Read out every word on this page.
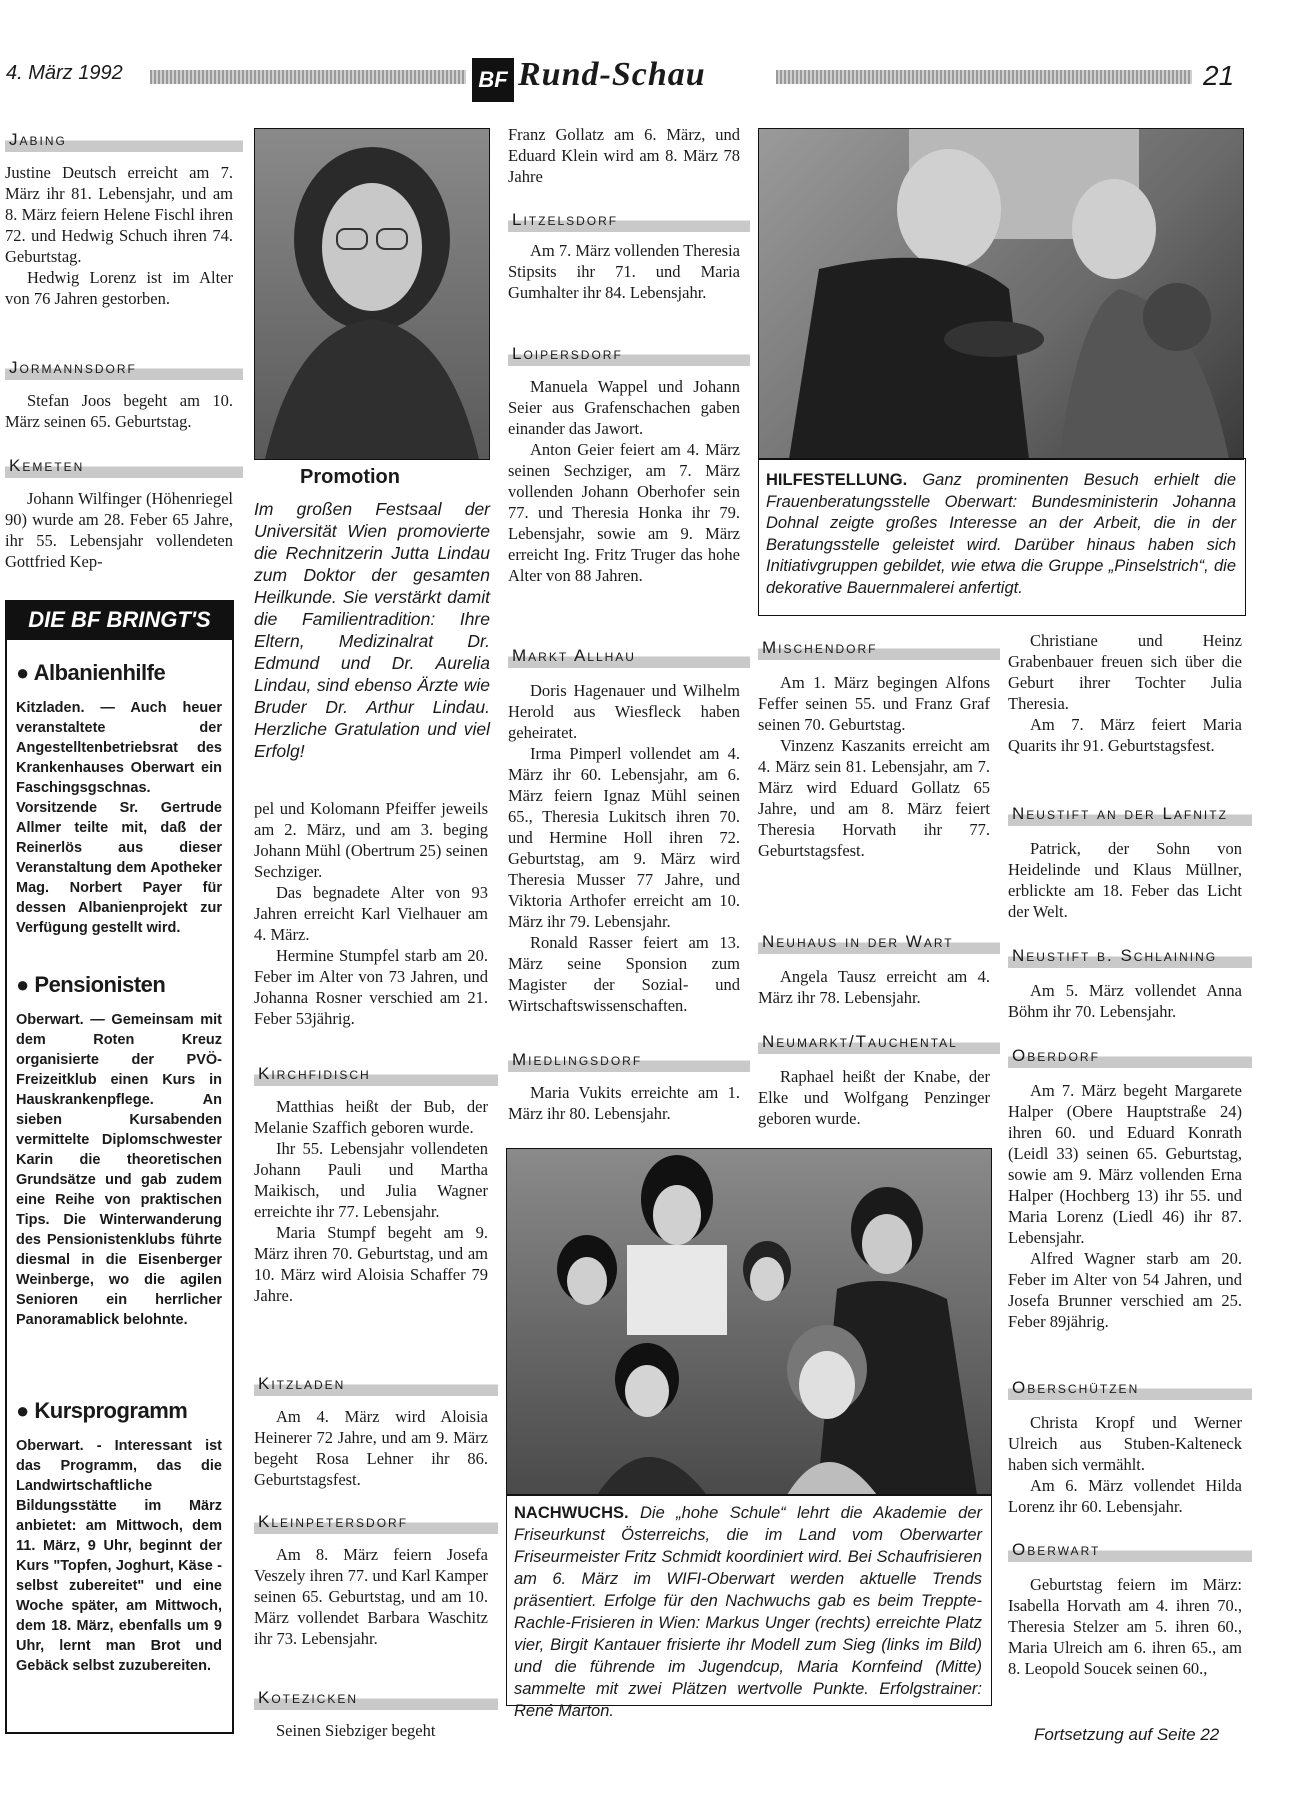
4. März 1992	BF Rund-Schau	21
Jabing

Justine Deutsch erreicht am 7. März ihr 81. Lebensjahr, und am 8. März feiern Helene Fischl ihren 72. und Hedwig Schuch ihren 74. Geburtstag.

Hedwig Lorenz ist im Alter von 76 Jahren gestorben.

Jormannsdorf
Stefan Joos begeht am 10. März seinen 65. Geburtstag.
Kemeten
Johann Wilfinger (Höhenriegel 90) wurde am 28. Feber 65 Jahre, ihr 55. Lebensjahr vollendeten Gottfried Kep-
DIE BF BRINGT'S
● Albanienhilfe
Kitzladen. — Auch heuer veranstaltete der Angestelltenbetriebsrat des Krankenhauses Oberwart ein Faschingsgschnas. Vorsitzende Sr. Gertrude Allmer teilte mit, daß der Reinerlös aus dieser Veranstaltung dem Apotheker Mag. Norbert Payer für dessen Albanienprojekt zur Verfügung gestellt wird.
● Pensionisten
Oberwart. — Gemeinsam mit dem Roten Kreuz organisierte der PVÖ-Freizeitklub einen Kurs in Hauskrankenpflege. An sieben Kursabenden vermittelte Diplomschwester Karin die theoretischen Grundsätze und gab zudem eine Reihe von praktischen Tips. Die Winterwanderung des Pensionistenklubs führte diesmal in die Eisenberger Weinberge, wo die agilen Senioren ein herrlicher Panoramablick belohnte.
● Kursprogramm
Oberwart. - Interessant ist das Programm, das die Landwirtschaftliche Bildungsstätte im März anbietet: am Mittwoch, dem 11. März, 9 Uhr, beginnt der Kurs "Topfen, Joghurt, Käse - selbst zubereitet" und eine Woche später, am Mittwoch, dem 18. März, ebenfalls um 9 Uhr, lernt man Brot und Gebäck selbst zuzubereiten.
Promotion
Im großen Festsaal der Universität Wien promovierte die Rechnitzerin Jutta Lindau zum Doktor der gesamten Heilkunde. Sie verstärkt damit die Familientradition: Ihre Eltern, Medizinalrat Dr. Edmund und Dr. Aurelia Lindau, sind ebenso Ärzte wie Bruder Dr. Arthur Lindau. Herzliche Gratulation und viel Erfolg!

pel und Kolomann Pfeiffer jeweils am 2. März, und am 3. beging Johann Mühl (Obertrum 25) seinen Sechziger.

Das begnadete Alter von 93 Jahren erreicht Karl Vielhauer am 4. März.

Hermine Stumpfel starb am 20. Feber im Alter von 73 Jahren, und Johanna Rosner verschied am 21. Feber 53jährig.

Kirchfidisch

Matthias heißt der Bub, der Melanie Szaffich geboren wurde.

Ihr 55. Lebensjahr vollendeten Johann Pauli und Martha Maikisch, und Julia Wagner erreichte ihr 77. Lebensjahr.

Maria Stumpf begeht am 9. März ihren 70. Geburtstag, und am 10. März wird Aloisia Schaffer 79 Jahre.

Kitzladen
Am 4. März wird Aloisia Heinerer 72 Jahre, und am 9. März begeht Rosa Lehner ihr 86. Geburtstagsfest.
Kleinpetersdorf
Am 8. März feiern Josefa Veszely ihren 77. und Karl Kamper seinen 65. Geburtstag, und am 10. März vollendet Barbara Waschitz ihr 73. Lebensjahr.
Kotezicken
Seinen Siebziger begeht
Franz Gollatz am 6. März, und Eduard Klein wird am 8. März 78 Jahre
Litzelsdorf
Am 7. März vollenden Theresia Stipsits ihr 71. und Maria Gumhalter ihr 84. Lebensjahr.
Loipersdorf

Manuela Wappel und Johann Seier aus Grafenschachen gaben einander das Jawort.

Anton Geier feiert am 4. März seinen Sechziger, am 7. März vollenden Johann Oberhofer sein 77. und Theresia Honka ihr 79. Lebensjahr, sowie am 9. März erreicht Ing. Fritz Truger das hohe Alter von 88 Jahren.

Markt Allhau

Doris Hagenauer und Wilhelm Herold aus Wiesfleck haben geheiratet.

Irma Pimperl vollendet am 4. März ihr 60. Lebensjahr, am 6. März feiern Ignaz Mühl seinen 65., Theresia Lukitsch ihren 70. und Hermine Holl ihren 72. Geburtstag, am 9. März wird Theresia Musser 77 Jahre, und Viktoria Arthofer erreicht am 10. März ihr 79. Lebensjahr.

Ronald Rasser feiert am 13. März seine Sponsion zum Magister der Sozial- und Wirtschaftswissenschaften.

Miedlingsdorf
Maria Vukits erreichte am 1. März ihr 80. Lebensjahr.
HILFESTELLUNG. Ganz prominenten Besuch erhielt die Frauenberatungsstelle Oberwart: Bundesministerin Johanna Dohnal zeigte großes Interesse an der Arbeit, die in der Beratungsstelle geleistet wird. Darüber hinaus haben sich Initiativgruppen gebildet, wie etwa die Gruppe „Pinselstrich“, die dekorative Bauernmalerei anfertigt.
Mischendorf

Am 1. März begingen Alfons Feffer seinen 55. und Franz Graf seinen 70. Geburtstag.

Vinzenz Kaszanits erreicht am 4. März sein 81. Lebensjahr, am 7. März wird Eduard Gollatz 65 Jahre, und am 8. März feiert Theresia Horvath ihr 77. Geburtstagsfest.

Neuhaus in der Wart
Angela Tausz erreicht am 4. März ihr 78. Lebensjahr.
Neumarkt/Tauchental
Raphael heißt der Knabe, der Elke und Wolfgang Penzinger geboren wurde.
NACHWUCHS. Die „hohe Schule“ lehrt die Akademie der Friseurkunst Österreichs, die im Land vom Oberwarter Friseurmeister Fritz Schmidt koordiniert wird. Bei Schaufrisieren am 6. März im WIFI-Oberwart werden aktuelle Trends präsentiert. Erfolge für den Nachwuchs gab es beim Treppte-Rachle-Frisieren in Wien: Markus Unger (rechts) erreichte Platz vier, Birgit Kantauer frisierte ihr Modell zum Sieg (links im Bild) und die führende im Jugendcup, Maria Kornfeind (Mitte) sammelte mit zwei Plätzen wertvolle Punkte. Erfolgstrainer: René Marton.

Christiane und Heinz Grabenbauer freuen sich über die Geburt ihrer Tochter Julia Theresia.

Am 7. März feiert Maria Quarits ihr 91. Geburtstagsfest.

Neustift an der Lafnitz
Patrick, der Sohn von Heidelinde und Klaus Müllner, erblickte am 18. Feber das Licht der Welt.
Neustift b. Schlaining
Am 5. März vollendet Anna Böhm ihr 70. Lebensjahr.
Oberdorf

Am 7. März begeht Margarete Halper (Obere Hauptstraße 24) ihren 60. und Eduard Konrath (Leidl 33) seinen 65. Geburtstag, sowie am 9. März vollenden Erna Halper (Hochberg 13) ihr 55. und Maria Lorenz (Liedl 46) ihr 87. Lebensjahr.

Alfred Wagner starb am 20. Feber im Alter von 54 Jahren, und Josefa Brunner verschied am 25. Feber 89jährig.

Oberschützen

Christa Kropf und Werner Ulreich aus Stuben-Kalteneck haben sich vermählt.

Am 6. März vollendet Hilda Lorenz ihr 60. Lebensjahr.

Oberwart
Geburtstag feiern im März: Isabella Horvath am 4. ihren 70., Theresia Stelzer am 5. ihren 60., Maria Ulreich am 6. ihren 65., am 8. Leopold Soucek seinen 60.,
Fortsetzung auf Seite 22
